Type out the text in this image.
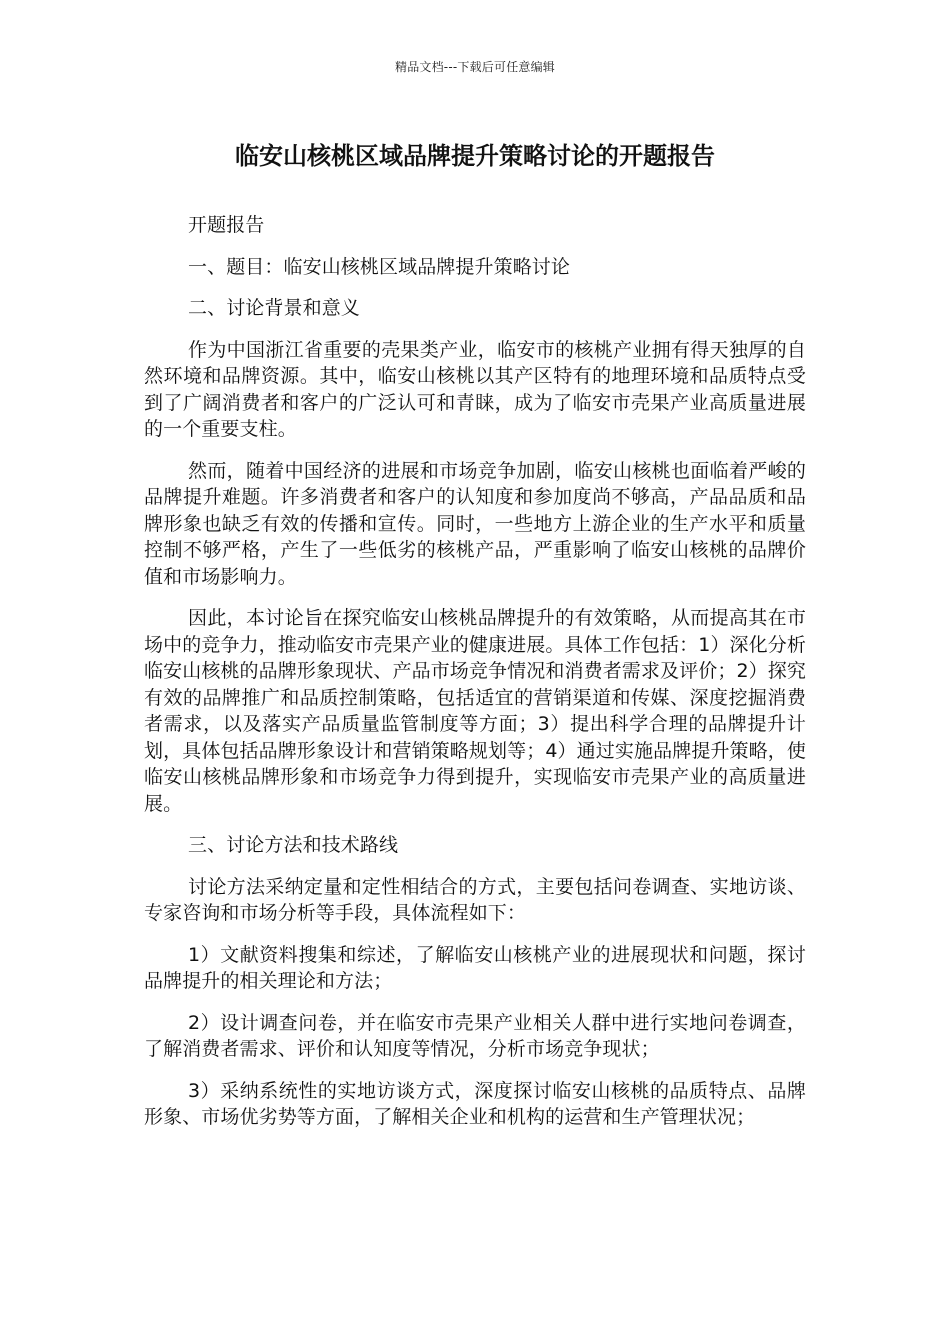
精品文档---下载后可任意编辑
临安山核桃区域品牌提升策略讨论的开题报告

开题报告

一、题目：临安山核桃区域品牌提升策略讨论

二、讨论背景和意义

作为中国浙江省重要的壳果类产业，临安市的核桃产业拥有得天独厚的自然环境和品牌资源。其中，临安山核桃以其产区特有的地理环境和品质特点受到了广阔消费者和客户的广泛认可和青睐，成为了临安市壳果产业高质量进展的一个重要支柱。

然而，随着中国经济的进展和市场竞争加剧，临安山核桃也面临着严峻的品牌提升难题。许多消费者和客户的认知度和参加度尚不够高，产品品质和品牌形象也缺乏有效的传播和宣传。同时，一些地方上游企业的生产水平和质量控制不够严格，产生了一些低劣的核桃产品，严重影响了临安山核桃的品牌价值和市场影响力。

因此，本讨论旨在探究临安山核桃品牌提升的有效策略，从而提高其在市场中的竞争力，推动临安市壳果产业的健康进展。具体工作包括：1）深化分析临安山核桃的品牌形象现状、产品市场竞争情况和消费者需求及评价；2）探究有效的品牌推广和品质控制策略，包括适宜的营销渠道和传媒、深度挖掘消费者需求，以及落实产品质量监管制度等方面；3）提出科学合理的品牌提升计划，具体包括品牌形象设计和营销策略规划等；4）通过实施品牌提升策略，使临安山核桃品牌形象和市场竞争力得到提升，实现临安市壳果产业的高质量进展。

三、讨论方法和技术路线

讨论方法采纳定量和定性相结合的方式，主要包括问卷调查、实地访谈、专家咨询和市场分析等手段，具体流程如下：

1）文献资料搜集和综述，了解临安山核桃产业的进展现状和问题，探讨品牌提升的相关理论和方法；

2）设计调查问卷，并在临安市壳果产业相关人群中进行实地问卷调查，了解消费者需求、评价和认知度等情况，分析市场竞争现状；

3）采纳系统性的实地访谈方式，深度探讨临安山核桃的品质特点、品牌形象、市场优劣势等方面，了解相关企业和机构的运营和生产管理状况；
